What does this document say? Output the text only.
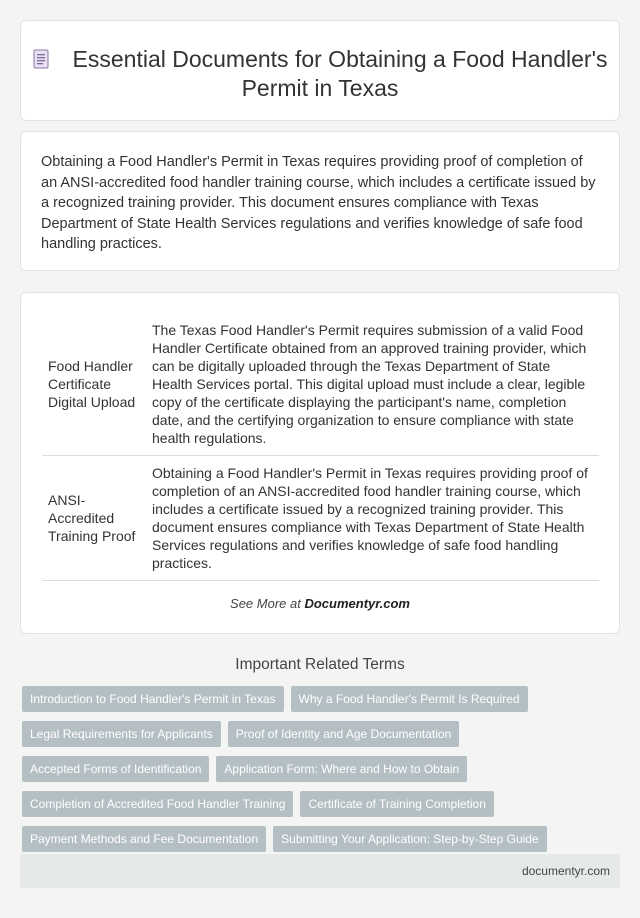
Essential Documents for Obtaining a Food Handler's Permit in Texas

Obtaining a Food Handler's Permit in Texas requires providing proof of completion of an ANSI-accredited food handler training course, which includes a certificate issued by a recognized training provider. This document ensures compliance with Texas Department of State Health Services regulations and verifies knowledge of safe food handling practices.

Food Handler Certificate Digital Upload	The Texas Food Handler's Permit requires submission of a valid Food Handler Certificate obtained from an approved training provider, which can be digitally uploaded through the Texas Department of State Health Services portal. This digital upload must include a clear, legible copy of the certificate displaying the participant's name, completion date, and the certifying organization to ensure compliance with state health regulations.
ANSI-Accredited Training Proof	Obtaining a Food Handler's Permit in Texas requires providing proof of completion of an ANSI-accredited food handler training course, which includes a certificate issued by a recognized training provider. This document ensures compliance with Texas Department of State Health Services regulations and verifies knowledge of safe food handling practices.
See More at Documentyr.com
Important Related Terms
Introduction to Food Handler's Permit in Texas	Why a Food Handler's Permit Is Required
Legal Requirements for Applicants	Proof of Identity and Age Documentation
Accepted Forms of Identification	Application Form: Where and How to Obtain
Completion of Accredited Food Handler Training	Certificate of Training Completion
Payment Methods and Fee Documentation	Submitting Your Application: Step-by-Step Guide
documentyr.com
